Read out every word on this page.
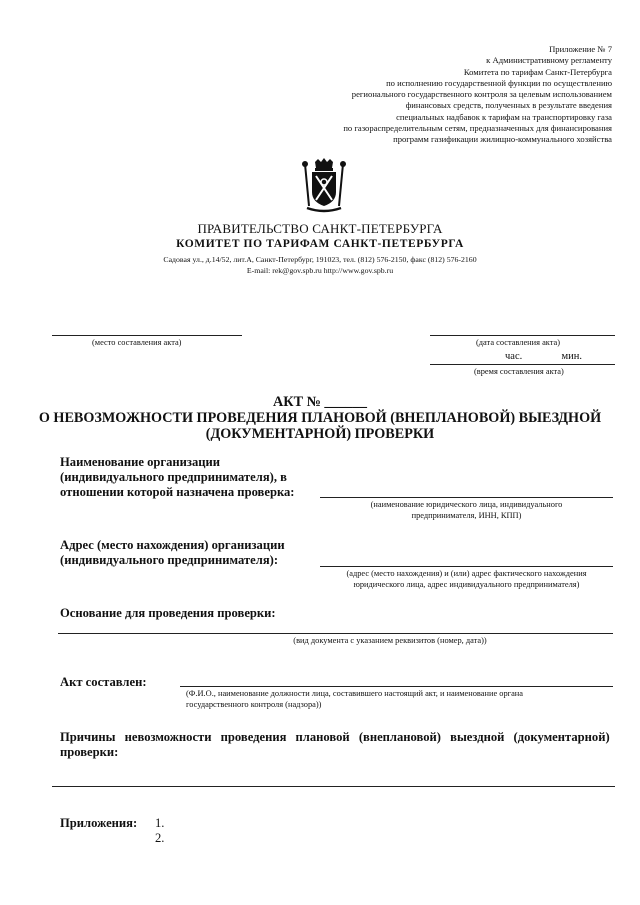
Приложение № 7
к Административному регламенту
Комитета по тарифам Санкт-Петербурга
по исполнению государственной функции по осуществлению
регионального государственного контроля за целевым использованием
финансовых средств, полученных в результате введения
специальных надбавок к тарифам на транспортировку газа
по газораспределительным сетям, предназначенных для финансирования
программ газификации жилищно-коммунального хозяйства
ПРАВИТЕЛЬСТВО САНКТ-ПЕТЕРБУРГА
КОМИТЕТ ПО ТАРИФАМ САНКТ-ПЕТЕРБУРГА
Садовая ул., д.14/52, лит.А, Санкт-Петербург, 191023, тел. (812) 576-2150, факс (812) 576-2160
E-mail: rek@gov.spb.ru http://www.gov.spb.ru
(место составления акта)	(дата составления акта)
час.	мин.
(время составления акта)
АКТ № ______
О НЕВОЗМОЖНОСТИ ПРОВЕДЕНИЯ ПЛАНОВОЙ (ВНЕПЛАНОВОЙ) ВЫЕЗДНОЙ
(ДОКУМЕНТАРНОЙ) ПРОВЕРКИ
Наименование организации
(индивидуального предпринимателя), в
отношении которой назначена проверка:
(наименование юридического лица, индивидуального
предпринимателя, ИНН, КПП)
Адрес (место нахождения) организации
(индивидуального предпринимателя):
(адрес (место нахождения) и (или) адрес фактического нахождения
юридического лица, адрес индивидуального предпринимателя)
Основание для проведения проверки:
(вид документа с указанием реквизитов (номер, дата))
Акт составлен:
(Ф.И.О., наименование должности лица, составившего настоящий акт, и наименование органа
государственного контроля (надзора))
Причины невозможности проведения плановой (внеплановой) выездной (документарной)
проверки:
Приложения: 1.
2.
